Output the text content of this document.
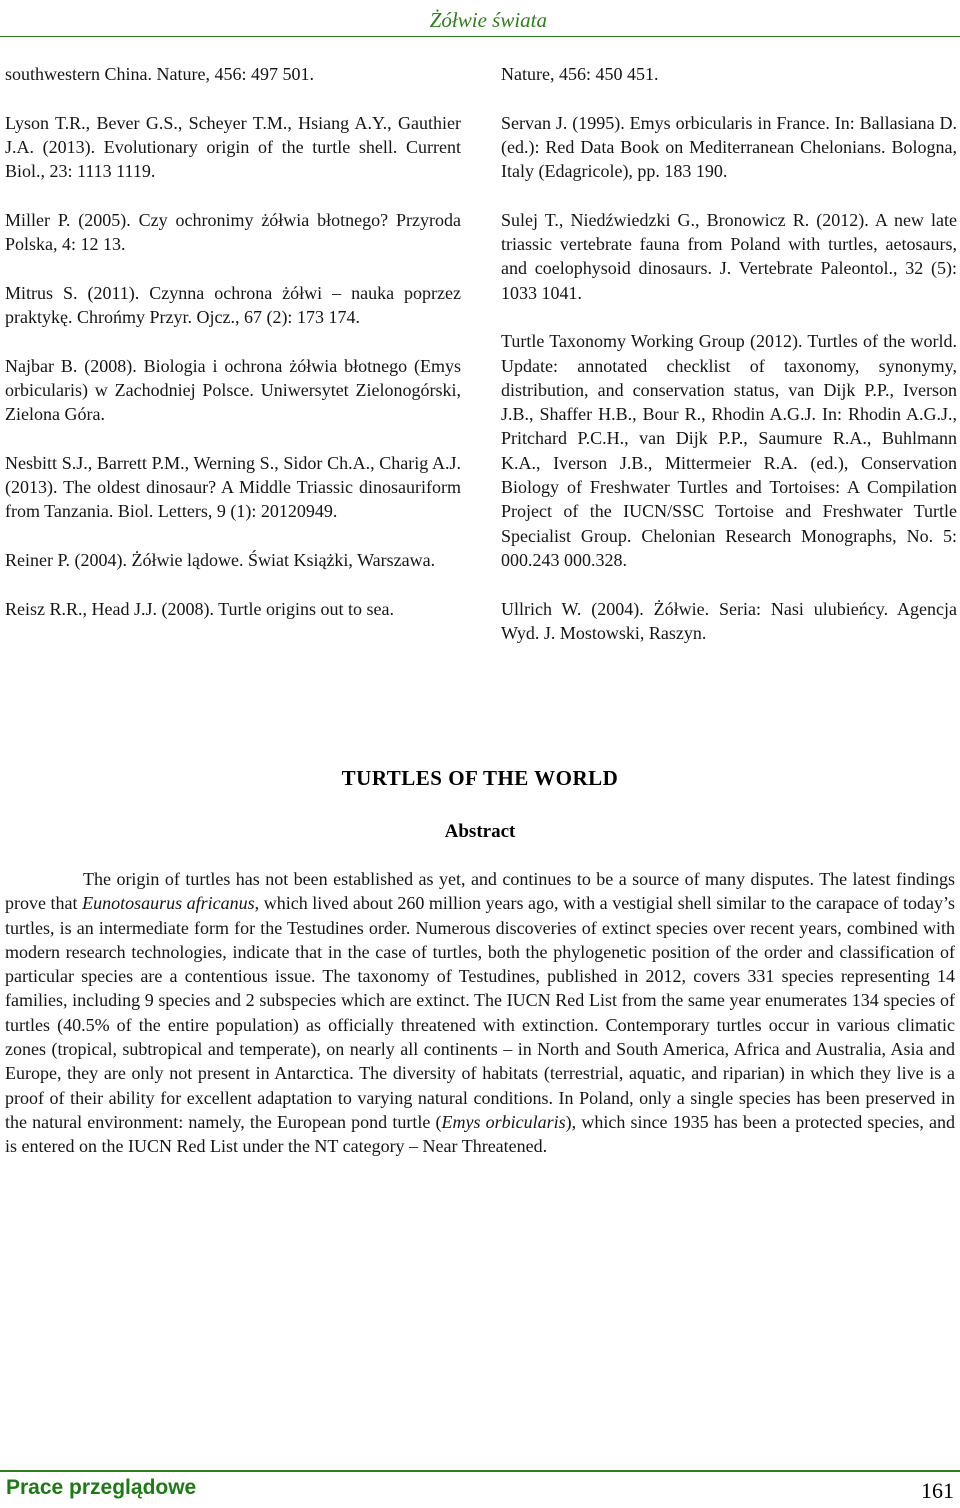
Żółwie świata

southwestern China. Nature, 456: 497 501.

Lyson T.R., Bever G.S., Scheyer T.M., Hsiang A.Y., Gauthier J.A. (2013). Evolutionary origin of the turtle shell. Current Biol., 23: 1113 1119.

Miller P. (2005). Czy ochronimy żółwia błotnego? Przyroda Polska, 4: 12 13.

Mitrus S. (2011). Czynna ochrona żółwi – nauka poprzez praktykę. Chrońmy Przyr. Ojcz., 67 (2): 173 174.

Najbar B. (2008). Biologia i ochrona żółwia błotnego (Emys orbicularis) w Zachodniej Polsce. Uniwersytet Zielonogórski, Zielona Góra.

Nesbitt S.J., Barrett P.M., Werning S., Sidor Ch.A., Charig A.J. (2013). The oldest dinosaur? A Middle Triassic dinosauriform from Tanzania. Biol. Letters, 9 (1): 20120949.

Reiner P. (2004). Żółwie lądowe. Świat Książki, Warszawa.

Reisz R.R., Head J.J. (2008). Turtle origins out to sea.

Nature, 456: 450 451.

Servan J. (1995). Emys orbicularis in France. In: Ballasiana D. (ed.): Red Data Book on Mediterranean Chelonians. Bologna, Italy (Edagricole), pp. 183 190.

Sulej T., Niedźwiedzki G., Bronowicz R. (2012). A new late triassic vertebrate fauna from Poland with turtles, aetosaurs, and coelophysoid dinosaurs. J. Vertebrate Paleontol., 32 (5): 1033 1041.

Turtle Taxonomy Working Group (2012). Turtles of the world. Update: annotated checklist of taxonomy, synonymy, distribution, and conservation status, van Dijk P.P., Iverson J.B., Shaffer H.B., Bour R., Rhodin A.G.J. In: Rhodin A.G.J., Pritchard P.C.H., van Dijk P.P., Saumure R.A., Buhlmann K.A., Iverson J.B., Mittermeier R.A. (ed.), Conservation Biology of Freshwater Turtles and Tortoises: A Compilation Project of the IUCN/SSC Tortoise and Freshwater Turtle Specialist Group. Chelonian Research Monographs, No. 5: 000.243 000.328.

Ullrich W. (2004). Żółwie. Seria: Nasi ulubieńcy. Agencja Wyd. J. Mostowski, Raszyn.

TURTLES OF THE WORLD
Abstract

The origin of turtles has not been established as yet, and continues to be a source of many disputes. The latest findings prove that Eunotosaurus africanus, which lived about 260 million years ago, with a vestigial shell similar to the carapace of today’s turtles, is an intermediate form for the Testudines order. Numerous discoveries of extinct species over recent years, combined with modern research technologies, indicate that in the case of turtles, both the phylogenetic position of the order and classification of particular species are a contentious issue. The taxonomy of Testudines, published in 2012, covers 331 species representing 14 families, including 9 species and 2 subspecies which are extinct. The IUCN Red List from the same year enumerates 134 species of turtles (40.5% of the entire population) as officially threatened with extinction. Contemporary turtles occur in various climatic zones (tropical, subtropical and temperate), on nearly all continents – in North and South America, Africa and Australia, Asia and Europe, they are only not present in Antarctica. The diversity of habitats (terrestrial, aquatic, and riparian) in which they live is a proof of their ability for excellent adaptation to varying natural conditions. In Poland, only a single species has been preserved in the natural environment: namely, the European pond turtle (Emys orbicularis), which since 1935 has been a protected species, and is entered on the IUCN Red List under the NT category – Near Threatened.

Prace przeglądowe	161
